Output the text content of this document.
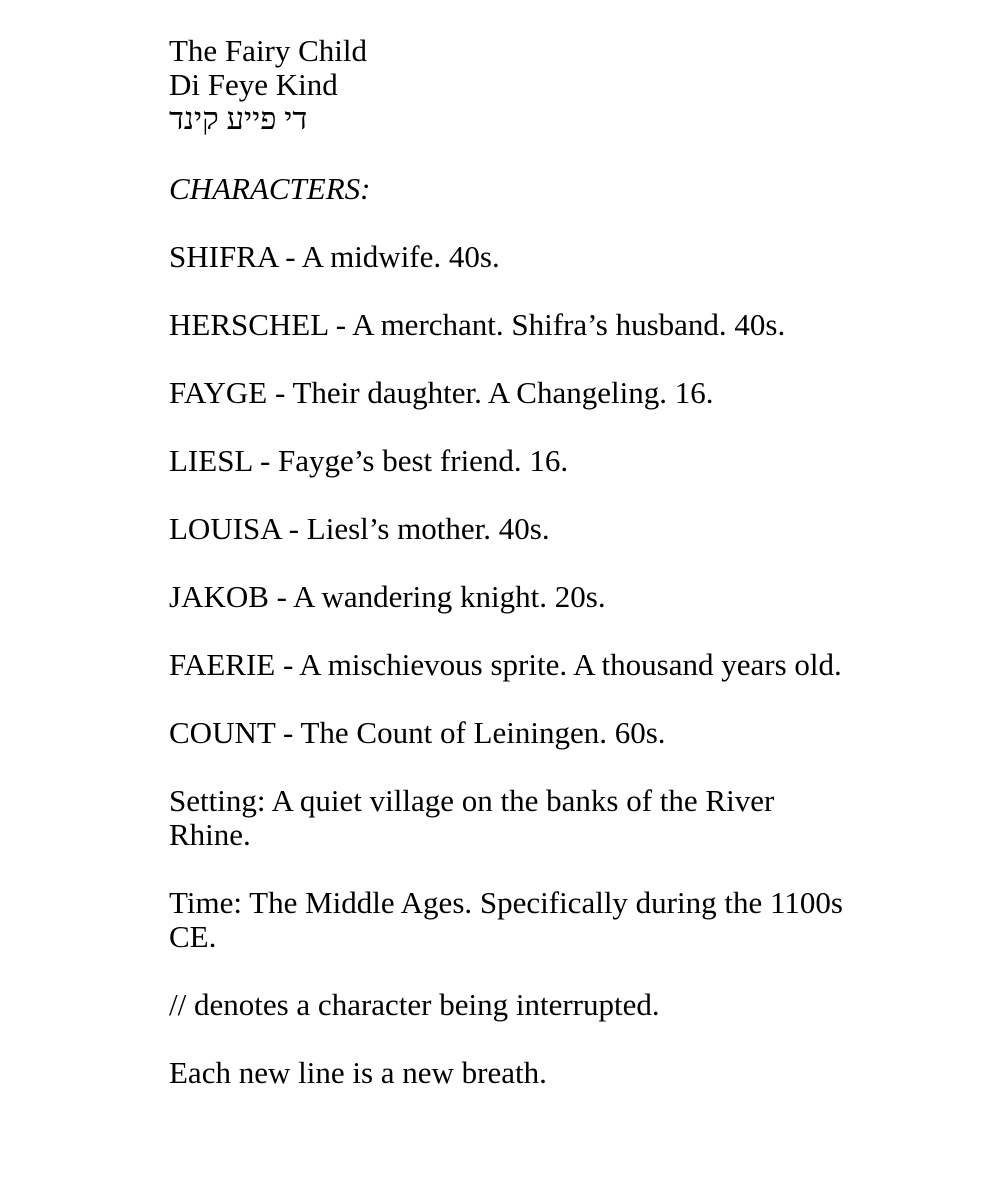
The Fairy Child
Di Feye Kind
די פייע קינד
CHARACTERS:
SHIFRA - A midwife. 40s.
HERSCHEL - A merchant. Shifra’s husband. 40s.
FAYGE - Their daughter. A Changeling. 16.
LIESL - Fayge’s best friend. 16.
LOUISA - Liesl’s mother. 40s.
JAKOB - A wandering knight. 20s.
FAERIE - A mischievous sprite. A thousand years old.
COUNT - The Count of Leiningen. 60s.
Setting: A quiet village on the banks of the River Rhine.
Time: The Middle Ages. Specifically during the 1100s CE.
// denotes a character being interrupted.
Each new line is a new breath.
